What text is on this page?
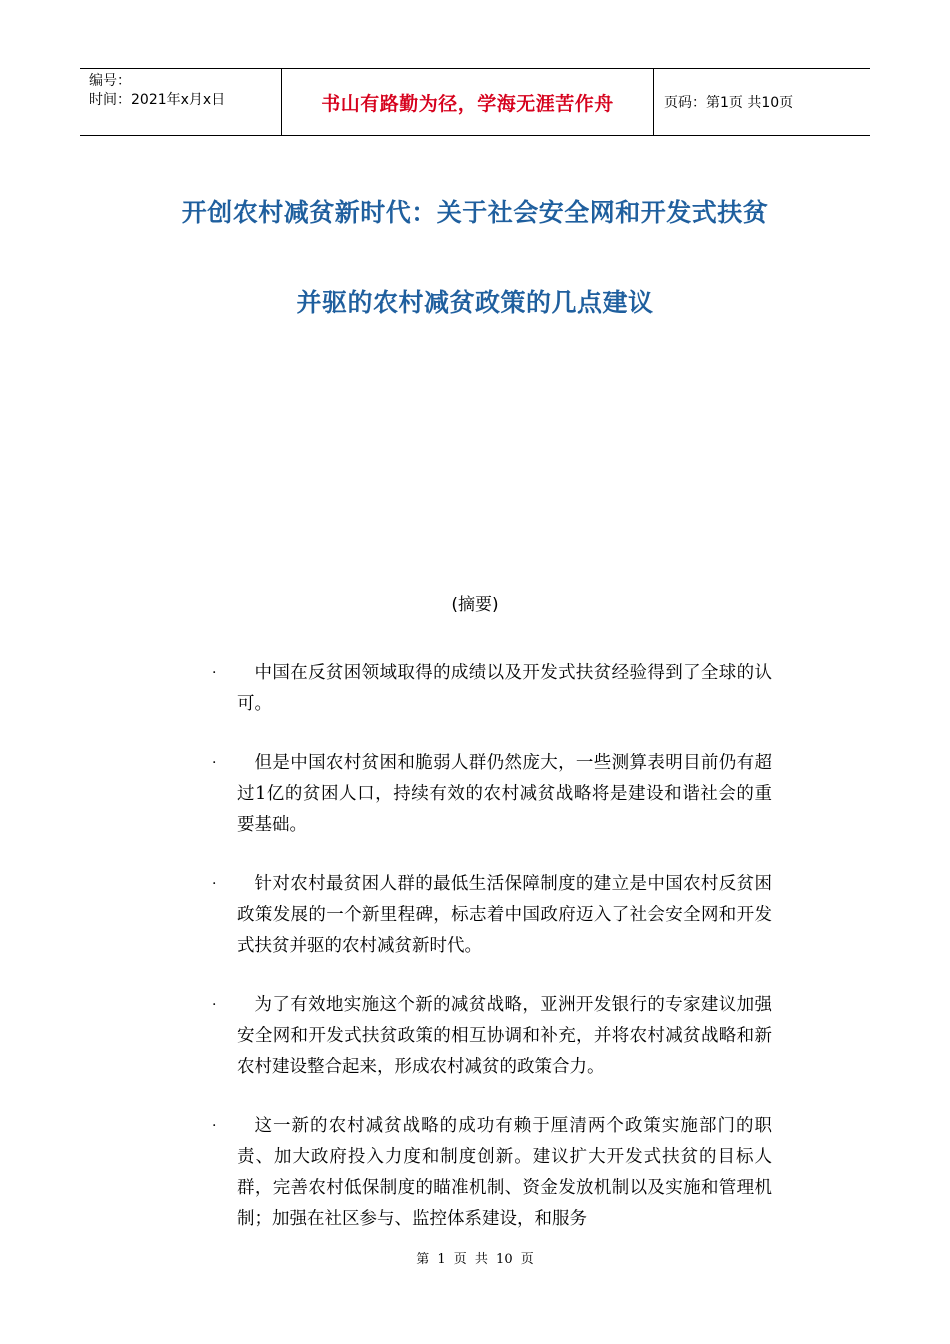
编号：
时间：2021年x月x日	书山有路勤为径，学海无涯苦作舟	页码：第1页 共10页
开创农村减贫新时代：关于社会安全网和开发式扶贫
并驱的农村减贫政策的几点建议
(摘要)
·	中国在反贫困领域取得的成绩以及开发式扶贫经验得到了全球的认可。
·	但是中国农村贫困和脆弱人群仍然庞大，一些测算表明目前仍有超过1亿的贫困人口，持续有效的农村减贫战略将是建设和谐社会的重要基础。
·	针对农村最贫困人群的最低生活保障制度的建立是中国农村反贫困政策发展的一个新里程碑，标志着中国政府迈入了社会安全网和开发式扶贫并驱的农村减贫新时代。
·	为了有效地实施这个新的减贫战略，亚洲开发银行的专家建议加强安全网和开发式扶贫政策的相互协调和补充，并将农村减贫战略和新农村建设整合起来，形成农村减贫的政策合力。
·	这一新的农村减贫战略的成功有赖于厘清两个政策实施部门的职责、加大政府投入力度和制度创新。建议扩大开发式扶贫的目标人群，完善农村低保制度的瞄准机制、资金发放机制以及实施和管理机制；加强在社区参与、监控体系建设，和服务
第 1 页 共 10 页
